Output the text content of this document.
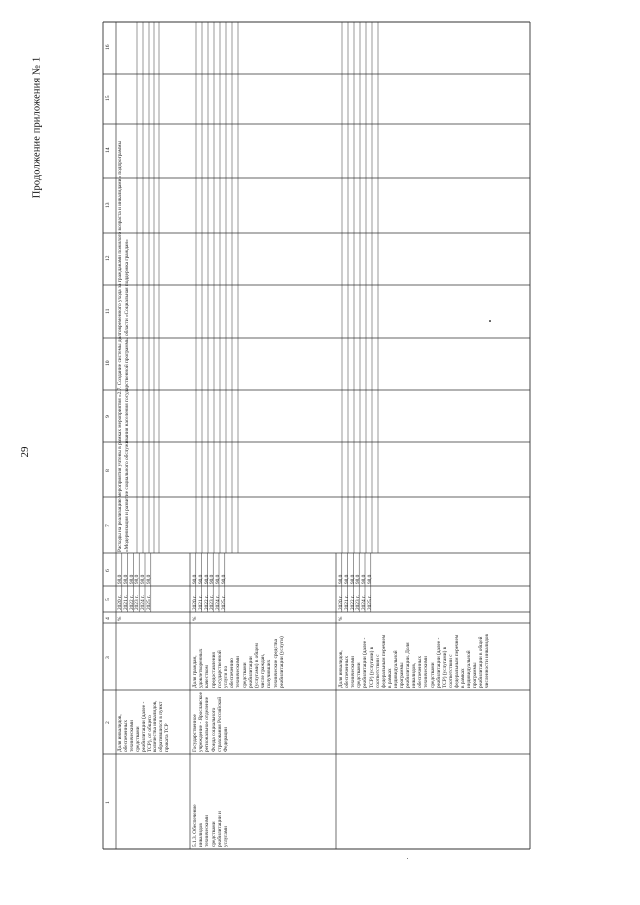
29
Продолжение приложения № 1
1
2
3
4
5
6
7
8
9
10
11
12
13
14
15
16
Расходы на реализацию мероприятия учтены в рамках мероприятия «2.7. Создание системы долговременного ухода за гражданами пожилого возраста и инвалидами» подпрограммы «Модернизация и развитие социального обслуживания населения государственной программы области «Социальная поддержка граждан»
Доля инвалидов, обеспеченных техническими средствами реабилитации (далее - ТСР), от общего количества инвалидов, обратившихся в пункт проката ТСР
%
2020 г.
98,0
2021 г.
98,0
2022 г.
98,0
2023 г.
98,0
2024 г.
98,0
2025 г.
98,0
5.1.3. Обеспечение инвалидов техническими средствами реабилитации и услугами
Государственное учреждение - Ярославское региональное отделение Фонда социального страхования Российской Федерации
Доля граждан, удовлетворенных качеством предоставления государственной услуги по обеспечению техническими средствами реабилитации (услугами) в общем числе граждан, получивших технические средства реабилитации (услуги)
%
2020 г.
90,0
2021 г.
90,0
2022 г.
90,0
2023 г.
90,0
2024 г.
90,0
2025 г.
90,0
Доля инвалидов, обеспеченных техническими средствами реабилитации (далее - ТСР) (услугами) в соответствии с федеральным перечнем в рамках индивидуальной программы реабилитации. Доля инвалидов, обеспеченных техническими средствами реабилитации (далее - ТСР) (услугами) в соответствии с федеральным перечнем в рамках индивидуальной программы реабилитации в общей численности инвалидов
%
2020 г.
98,0
2021 г.
98,0
2022 г.
98,0
2023 г.
98,0
2024 г.
98,0
2025 г.
98,0
